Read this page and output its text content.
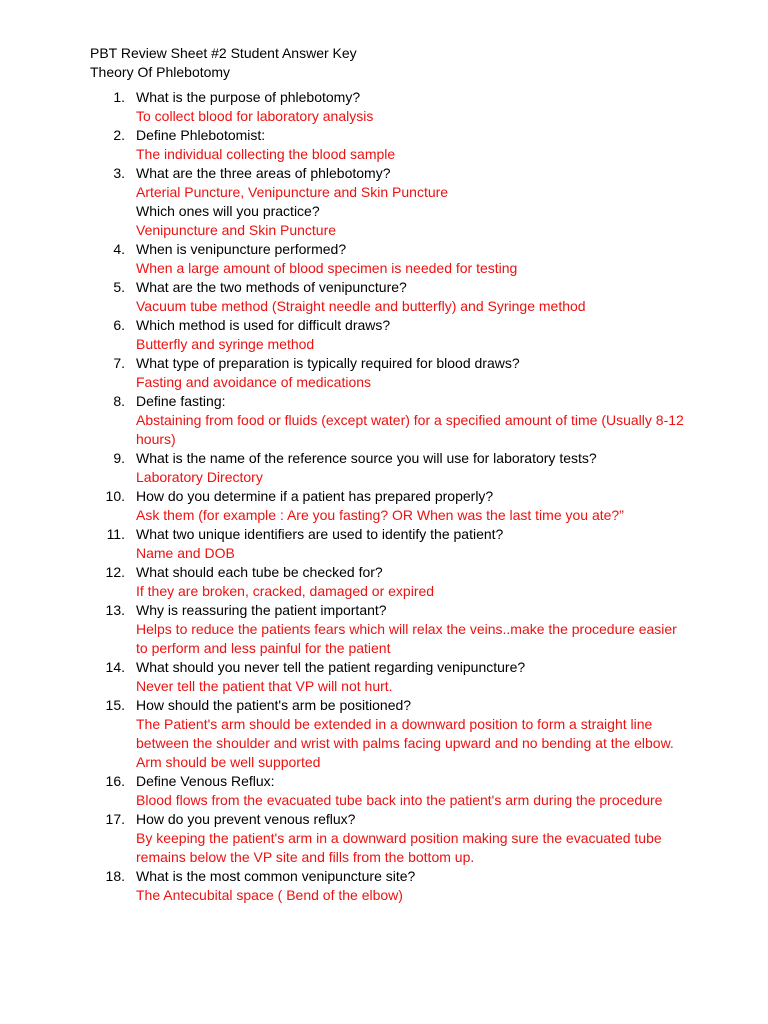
PBT Review Sheet #2 Student Answer Key

Theory Of Phlebotomy

1. What is the purpose of phlebotomy?
To collect blood for laboratory analysis
2. Define Phlebotomist:
The individual collecting the blood sample
3. What are the three areas of phlebotomy?
Arterial Puncture, Venipuncture and Skin Puncture
Which ones will you practice?
Venipuncture and Skin Puncture
4. When is venipuncture performed?
When a large amount of blood specimen is needed for testing
5. What are the two methods of venipuncture?
Vacuum tube method (Straight needle and butterfly) and Syringe method
6. Which method is used for difficult draws?
Butterfly and syringe method
7. What type of preparation is typically required for blood draws?
Fasting and avoidance of medications
8. Define fasting:
Abstaining from food or fluids (except water) for a specified amount of time (Usually 8-12 hours)
9. What is the name of the reference source you will use for laboratory tests?
Laboratory Directory
10. How do you determine if a patient has prepared properly?
Ask them (for example : Are you fasting? OR When was the last time you ate?”
11. What two unique identifiers are used to identify the patient?
Name and DOB
12. What should each tube be checked for?
If they are broken, cracked, damaged or expired
13. Why is reassuring the patient important?
Helps to reduce the patients fears which will relax the veins..make the procedure easier to perform and less painful for the patient
14. What should you never tell the patient regarding venipuncture?
Never tell the patient that VP will not hurt.
15. How should the patient's arm be positioned?
The Patient's arm should be extended in a downward position to form a straight line between the shoulder and wrist with palms facing upward and no bending at the elbow. Arm should be well supported
16. Define Venous Reflux:
Blood flows from the evacuated tube back into the patient's arm during the procedure
17. How do you prevent venous reflux?
By keeping the patient's arm in a downward position making sure the evacuated tube remains below the VP site and fills from the bottom up.
18. What is the most common venipuncture site?
The Antecubital space ( Bend of the elbow)
